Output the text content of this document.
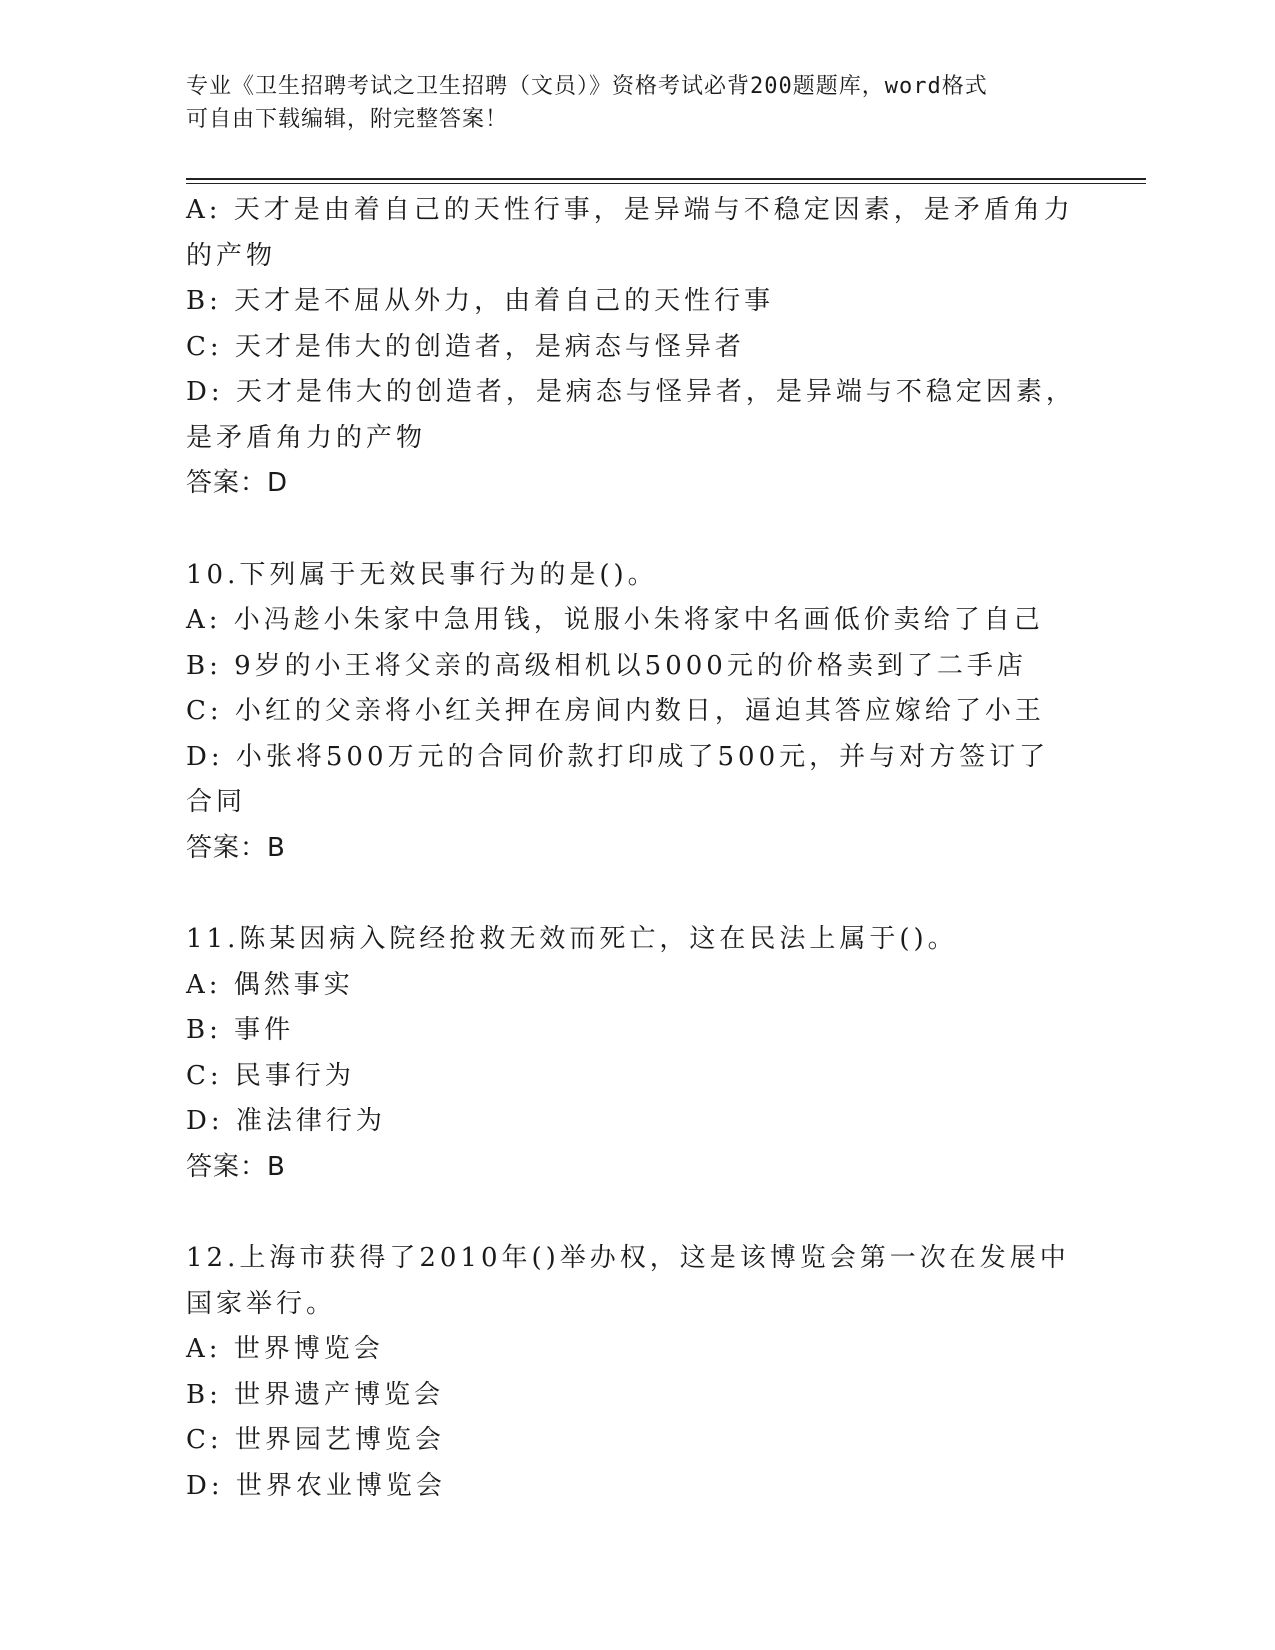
专业《卫生招聘考试之卫生招聘（文员）》资格考试必背200题题库，word格式
可自由下载编辑，附完整答案！

A: 天才是由着自己的天性行事，是异端与不稳定因素，是矛盾角力的产物

B: 天才是不屈从外力，由着自己的天性行事

C: 天才是伟大的创造者，是病态与怪异者

D: 天才是伟大的创造者，是病态与怪异者，是异端与不稳定因素，是矛盾角力的产物

答案：D

10.下列属于无效民事行为的是()。

A: 小冯趁小朱家中急用钱，说服小朱将家中名画低价卖给了自己

B: 9岁的小王将父亲的高级相机以5000元的价格卖到了二手店

C: 小红的父亲将小红关押在房间内数日，逼迫其答应嫁给了小王

D: 小张将500万元的合同价款打印成了500元，并与对方签订了合同

答案：B

11.陈某因病入院经抢救无效而死亡，这在民法上属于()。

A: 偶然事实

B: 事件

C: 民事行为

D: 准法律行为

答案：B

12.上海市获得了2010年()举办权，这是该博览会第一次在发展中国家举行。

A: 世界博览会

B: 世界遗产博览会

C: 世界园艺博览会

D: 世界农业博览会
